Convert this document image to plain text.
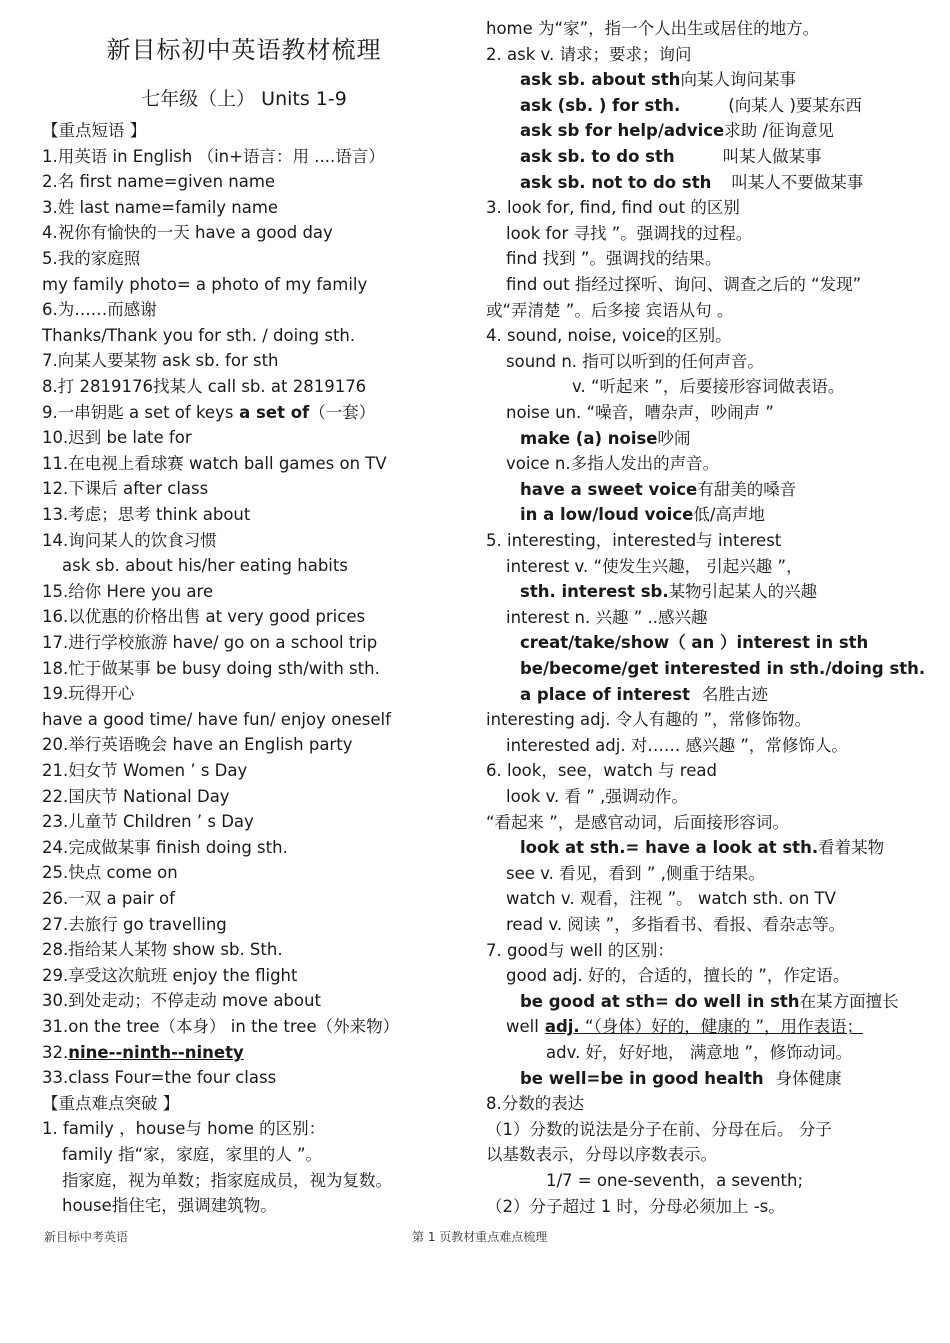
新目标初中英语教材梳理
七年级（上） Units 1-9
【重点短语 】
1.用英语 in English （in+语言：用 ....语言）
2.名 first name=given name
3.姓 last name=family name
4.祝你有愉快的一天 have a good day
5.我的家庭照
my family photo= a photo of my family
6.为……而感谢
Thanks/Thank you for sth. / doing sth.
7.向某人要某物 ask sb. for sth
8.打 2819176找某人 call sb. at 2819176
9.一串钥匙 a set of keys a set of（一套）
10.迟到 be late for
11.在电视上看球赛 watch ball games on TV
12.下课后 after class
13.考虑；思考 think about
14.询问某人的饮食习惯
ask sb. about his/her eating habits
15.给你 Here you are
16.以优惠的价格出售 at very good prices
17.进行学校旅游 have/ go on a school trip
18.忙于做某事 be busy doing sth/with sth.
19.玩得开心
have a good time/ have fun/ enjoy oneself
20.举行英语晚会 have an English party
21.妇女节 Women ’ s Day
22.国庆节 National Day
23.儿童节 Children ’ s Day
24.完成做某事 finish doing sth.
25.快点 come on
26.一双 a pair of
27.去旅行 go travelling
28.指给某人某物 show sb. Sth.
29.享受这次航班 enjoy the flight
30.到处走动；不停走动 move about
31.on the tree（本身） in the tree（外来物）
32.nine--ninth--ninety
33.class Four=the four class
【重点难点突破 】
1. family ，house与 home 的区别：
family 指“家，家庭，家里的人 ”。
指家庭，视为单数；指家庭成员，视为复数。
house指住宅，强调建筑物。
home 为“家”，指一个人出生或居住的地方。
2. ask v. 请求；要求；询问
ask sb. about sth向某人询问某事
ask (sb. ) for sth.	(向某人 )要某东西
ask sb for help/advice求助 /征询意见
ask sb. to do sth	叫某人做某事
ask sb. not to do sth 叫某人不要做某事
3. look for, find, find out 的区别
look for 寻找 ”。强调找的过程。
find 找到 ”。强调找的结果。
find out 指经过探听、询问、调查之后的 “发现”
或“弄清楚 ”。后多接 宾语从句 。
4. sound, noise, voice的区别。
sound n. 指可以听到的任何声音。
v. “听起来 ”，后要接形容词做表语。
noise un. “噪音，嘈杂声，吵闹声 ”
make (a) noise吵闹
voice n.多指人发出的声音。
have a sweet voice有甜美的嗓音
in a low/loud voice低/高声地
5. interesting，interested与 interest
interest v. “使发生兴趣， 引起兴趣 ”，
sth. interest sb.某物引起某人的兴趣
interest n. 兴趣 ” ..感兴趣
creat/take/show（ an ）interest in sth
be/become/get interested in sth./doing sth.
a place of interest 名胜古迹
interesting adj. 令人有趣的 ”，常修饰物。
interested adj. 对…… 感兴趣 ”，常修饰人。
6. look，see，watch 与 read
look v. 看 ” ,强调动作。
“看起来 ”，是感官动词，后面接形容词。
look at sth.= have a look at sth.看着某物
see v. 看见，看到 ” ,侧重于结果。
watch v. 观看，注视 ”。 watch sth. on TV
read v. 阅读 ”，多指看书、看报、看杂志等。
7. good与 well 的区别：
good adj. 好的，合适的，擅长的 ”，作定语。
be good at sth= do well in sth在某方面擅长
well adj. “（身体）好的，健康的 ”，用作表语；
adv. 好，好好地， 满意地 ”，修饰动词。
be well=be in good health 身体健康
8.分数的表达
（1）分数的说法是分子在前、分母在后。 分子
以基数表示，分母以序数表示。
1/7 = one-seventh，a seventh;
（2）分子超过 1 时，分母必须加上 -s。
新目标中考英语	第 1 页教材重点难点梳理
